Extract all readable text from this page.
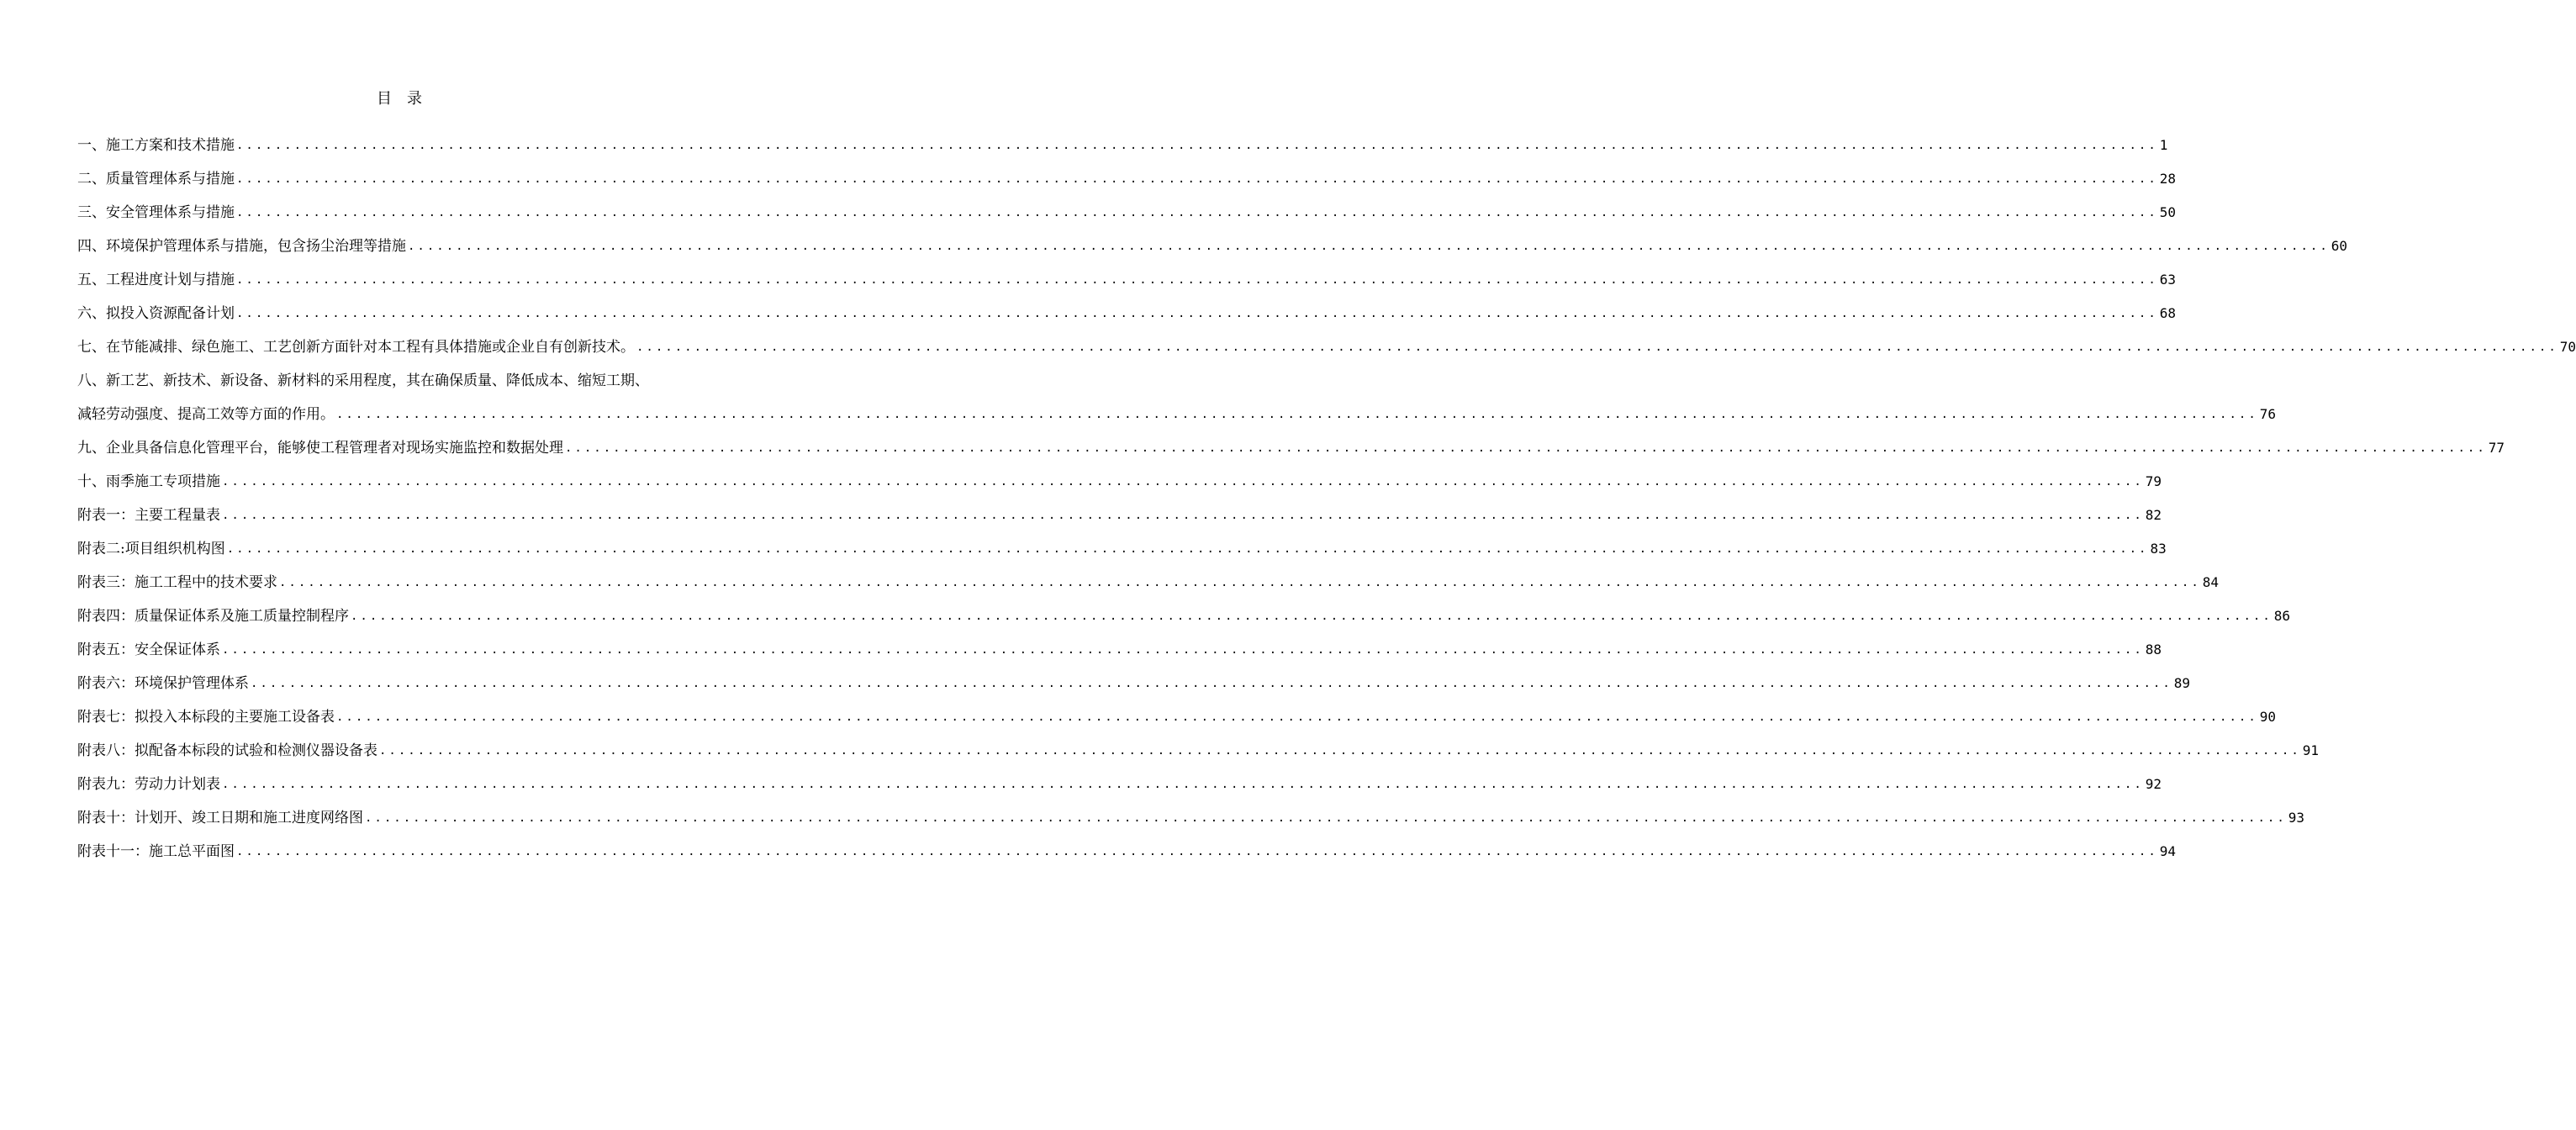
目　录
一、施工方案和技术措施 ........................................................................................................................................................................................................ 1
二、质量管理体系与措施 ........................................................................................................................................................................................................ 28
三、安全管理体系与措施 ........................................................................................................................................................................................................ 50
四、环境保护管理体系与措施，包含扬尘治理等措施 ........................................................................................................................................................................................................ 60
五、工程进度计划与措施 ........................................................................................................................................................................................................ 63
六、拟投入资源配备计划 ........................................................................................................................................................................................................ 68
七、在节能减排、绿色施工、工艺创新方面针对本工程有具体措施或企业自有创新技术。 ........................................................................................................................................................................................................ 70
八、新工艺、新技术、新设备、新材料的采用程度，其在确保质量、降低成本、缩短工期、
减轻劳动强度、提高工效等方面的作用。 ........................................................................................................................................................................................................ 76
九、企业具备信息化管理平台，能够使工程管理者对现场实施监控和数据处理 ........................................................................................................................................................................................................ 77
十、雨季施工专项措施 ........................................................................................................................................................................................................ 79
附表一：主要工程量表 ........................................................................................................................................................................................................ 82
附表二:项目组织机构图 ........................................................................................................................................................................................................ 83
附表三：施工工程中的技术要求 ........................................................................................................................................................................................................ 84
附表四：质量保证体系及施工质量控制程序 ........................................................................................................................................................................................................ 86
附表五：安全保证体系 ........................................................................................................................................................................................................ 88
附表六：环境保护管理体系 ........................................................................................................................................................................................................ 89
附表七：拟投入本标段的主要施工设备表 ........................................................................................................................................................................................................ 90
附表八：拟配备本标段的试验和检测仪器设备表 ........................................................................................................................................................................................................ 91
附表九：劳动力计划表 ........................................................................................................................................................................................................ 92
附表十：计划开、竣工日期和施工进度网络图 ........................................................................................................................................................................................................ 93
附表十一：施工总平面图 ........................................................................................................................................................................................................ 94
